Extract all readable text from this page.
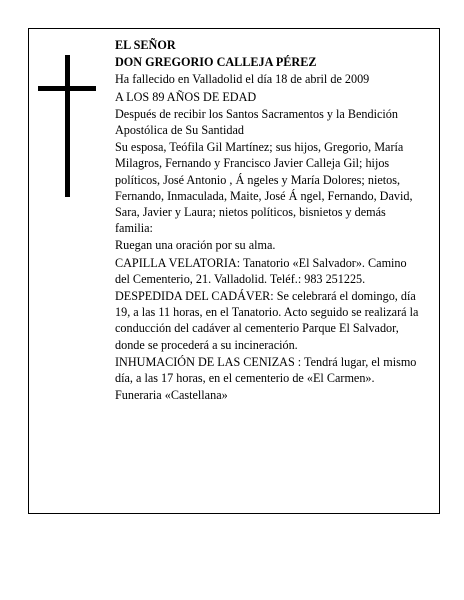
EL SEÑOR

DON GREGORIO CALLEJA PÉREZ

Ha fallecido en Valladolid el día 18 de abril de 2009

A LOS 89 AÑOS DE EDAD

Después de recibir los Santos Sacramentos y la Bendición Apostólica de Su Santidad

Su esposa, Teófila Gil Martínez; sus hijos, Gregorio, María Milagros, Fernando y Francisco Javier Calleja Gil; hijos políticos, José Antonio , Á ngeles y María Dolores; nietos, Fernando, Inmaculada, Maite, José Á ngel, Fernando, David, Sara, Javier y Laura; nietos políticos, bisnietos y demás familia:

Ruegan una oración por su alma.

CAPILLA VELATORIA: Tanatorio «El Salvador». Camino del Cementerio, 21. Valladolid. Teléf.: 983 251225.

DESPEDIDA DEL CADÁVER: Se celebrará el domingo, día 19, a las 11 horas, en el Tanatorio. Acto seguido se realizará la conducción del cadáver al cementerio Parque El Salvador, donde se procederá a su incineración.

INHUMACIÓN DE LAS CENIZAS : Tendrá lugar, el mismo día, a las 17 horas, en el cementerio de «El Carmen».

Funeraria «Castellana»
